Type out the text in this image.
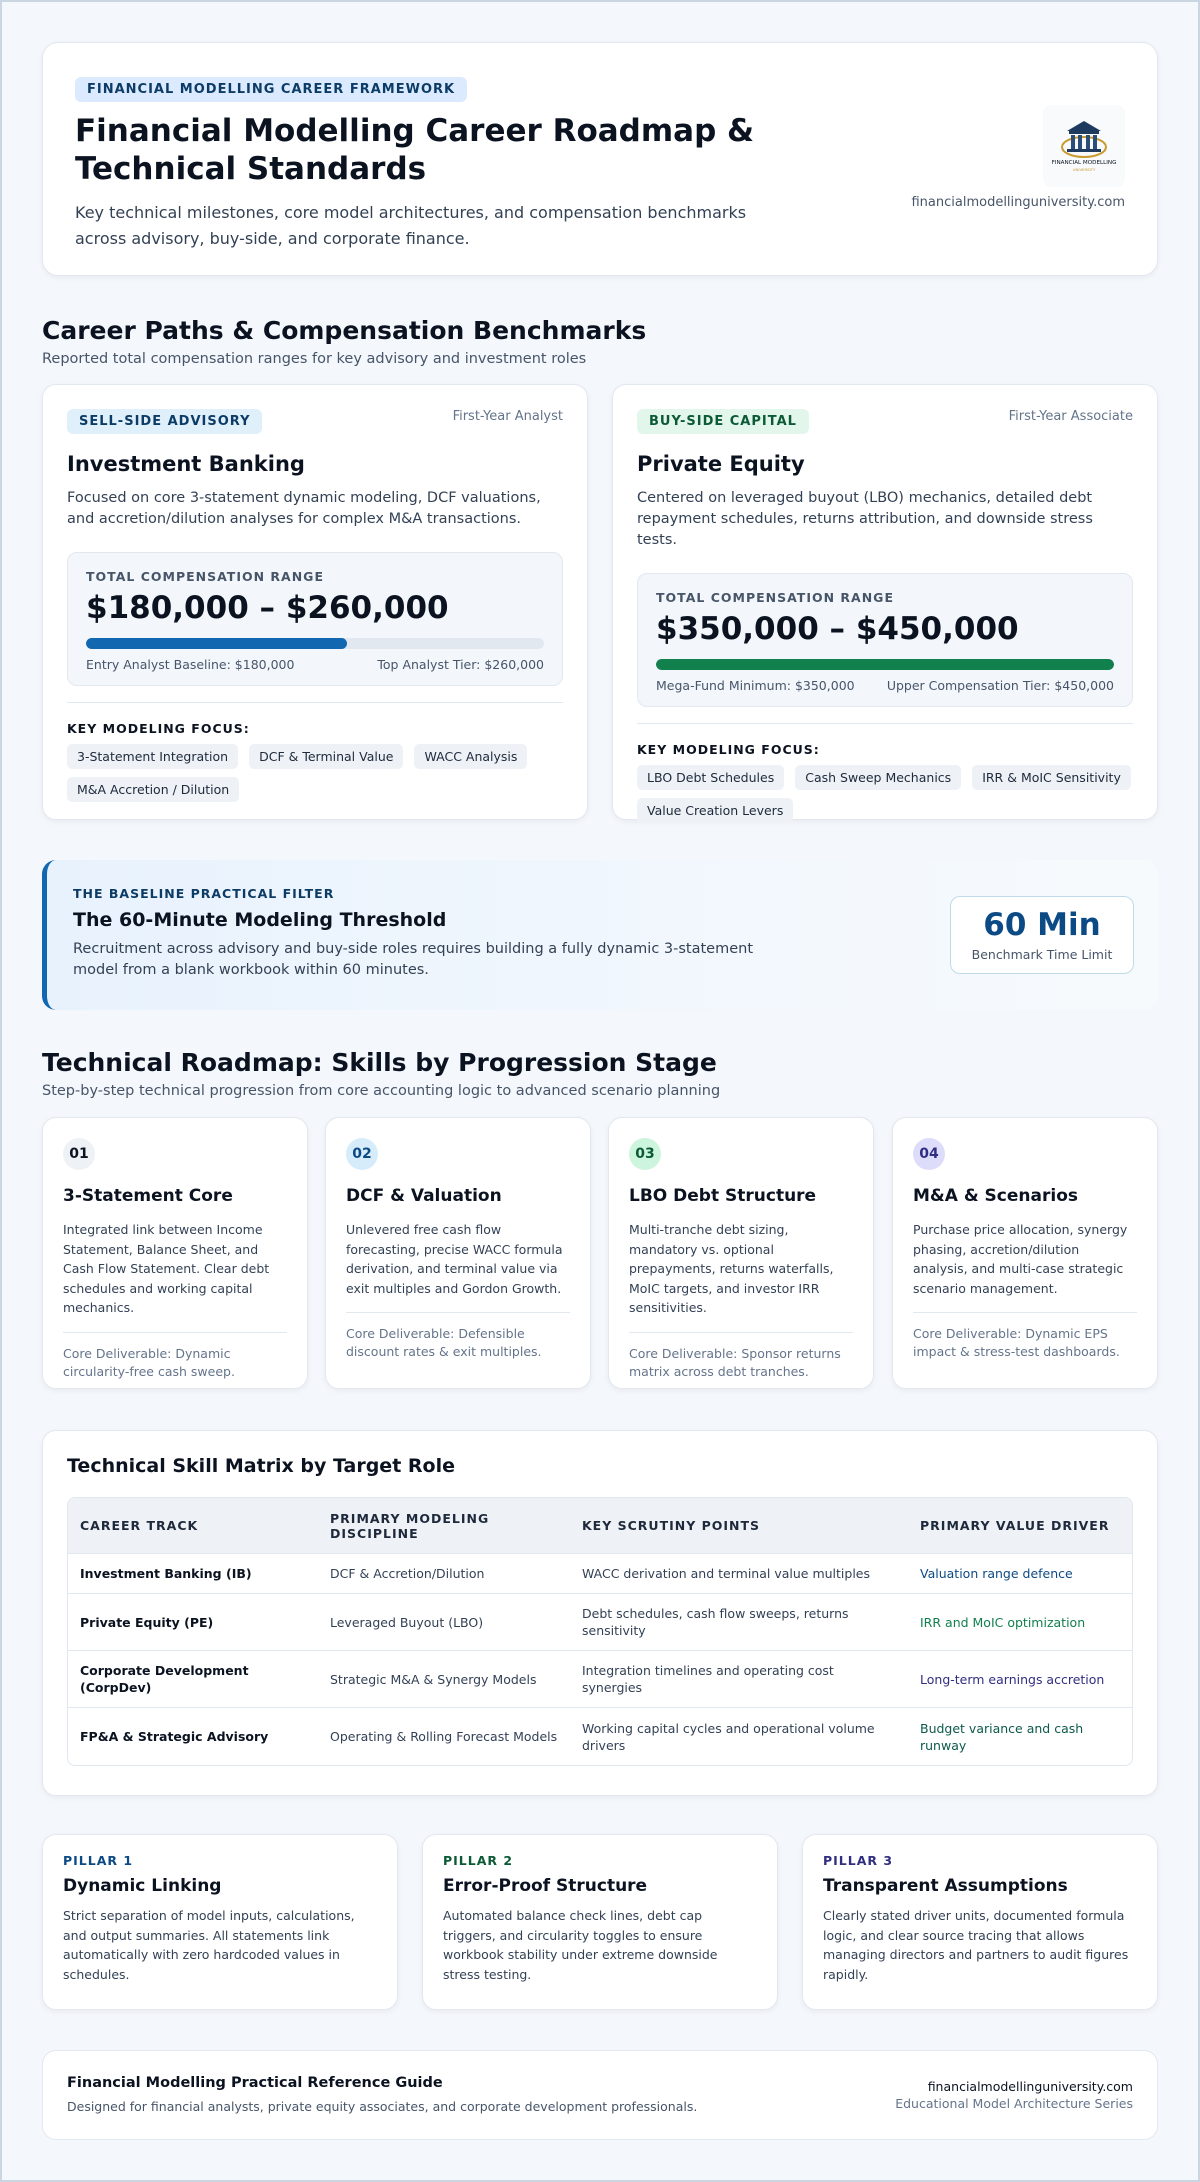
FINANCIAL MODELLING CAREER FRAMEWORK
Financial Modelling Career Roadmap & Technical Standards

Key technical milestones, core model architectures, and compensation benchmarks across advisory, buy-side, and corporate finance.

FINANCIAL MODELLING
UNIVERSITY
financialmodellinguniversity.com
Career Paths & Compensation Benchmarks
Reported total compensation ranges for key advisory and investment roles
SELL-SIDE ADVISORY	First-Year Analyst
Investment Banking

Focused on core 3-statement dynamic modeling, DCF valuations, and accretion/dilution analyses for complex M&A transactions.

TOTAL COMPENSATION RANGE
$180,000 – $260,000
Entry Analyst Baseline: $180,000	Top Analyst Tier: $260,000
KEY MODELING FOCUS:
3-Statement Integration	DCF & Terminal Value	WACC Analysis
M&A Accretion / Dilution
BUY-SIDE CAPITAL	First-Year Associate
Private Equity

Centered on leveraged buyout (LBO) mechanics, detailed debt repayment schedules, returns attribution, and downside stress tests.

TOTAL COMPENSATION RANGE
$350,000 – $450,000
Mega-Fund Minimum: $350,000	Upper Compensation Tier: $450,000
KEY MODELING FOCUS:
LBO Debt Schedules	Cash Sweep Mechanics	IRR & MoIC Sensitivity
Value Creation Levers
THE BASELINE PRACTICAL FILTER
The 60-Minute Modeling Threshold

Recruitment across advisory and buy-side roles requires building a fully dynamic 3-statement model from a blank workbook within 60 minutes.

60 Min
Benchmark Time Limit
Technical Roadmap: Skills by Progression Stage
Step-by-step technical progression from core accounting logic to advanced scenario planning
01
3-Statement Core
Integrated link between Income Statement, Balance Sheet, and Cash Flow Statement. Clear debt schedules and working capital mechanics.
Core Deliverable: Dynamic circularity-free cash sweep.
02
DCF & Valuation
Unlevered free cash flow forecasting, precise WACC formula derivation, and terminal value via exit multiples and Gordon Growth.
Core Deliverable: Defensible discount rates & exit multiples.
03
LBO Debt Structure
Multi-tranche debt sizing, mandatory vs. optional prepayments, returns waterfalls, MoIC targets, and investor IRR sensitivities.
Core Deliverable: Sponsor returns matrix across debt tranches.
04
M&A & Scenarios
Purchase price allocation, synergy phasing, accretion/dilution analysis, and multi-case strategic scenario management.
Core Deliverable: Dynamic EPS impact & stress-test dashboards.
Technical Skill Matrix by Target Role
CAREER TRACK	PRIMARY MODELING DISCIPLINE	KEY SCRUTINY POINTS	PRIMARY VALUE DRIVER
Investment Banking (IB)	DCF & Accretion/Dilution	WACC derivation and terminal value multiples	Valuation range defence
Private Equity (PE)	Leveraged Buyout (LBO)	Debt schedules, cash flow sweeps, returns sensitivity	IRR and MoIC optimization
Corporate Development (CorpDev)	Strategic M&A & Synergy Models	Integration timelines and operating cost synergies	Long-term earnings accretion
FP&A & Strategic Advisory	Operating & Rolling Forecast Models	Working capital cycles and operational volume drivers	Budget variance and cash runway
PILLAR 1
Dynamic Linking

Strict separation of model inputs, calculations, and output summaries. All statements link automatically with zero hardcoded values in schedules.

PILLAR 2
Error-Proof Structure

Automated balance check lines, debt cap triggers, and circularity toggles to ensure workbook stability under extreme downside stress testing.

PILLAR 3
Transparent Assumptions

Clearly stated driver units, documented formula logic, and clear source tracing that allows managing directors and partners to audit figures rapidly.

Financial Modelling Practical Reference Guide
Designed for financial analysts, private equity associates, and corporate development professionals.
financialmodellinguniversity.com
Educational Model Architecture Series
